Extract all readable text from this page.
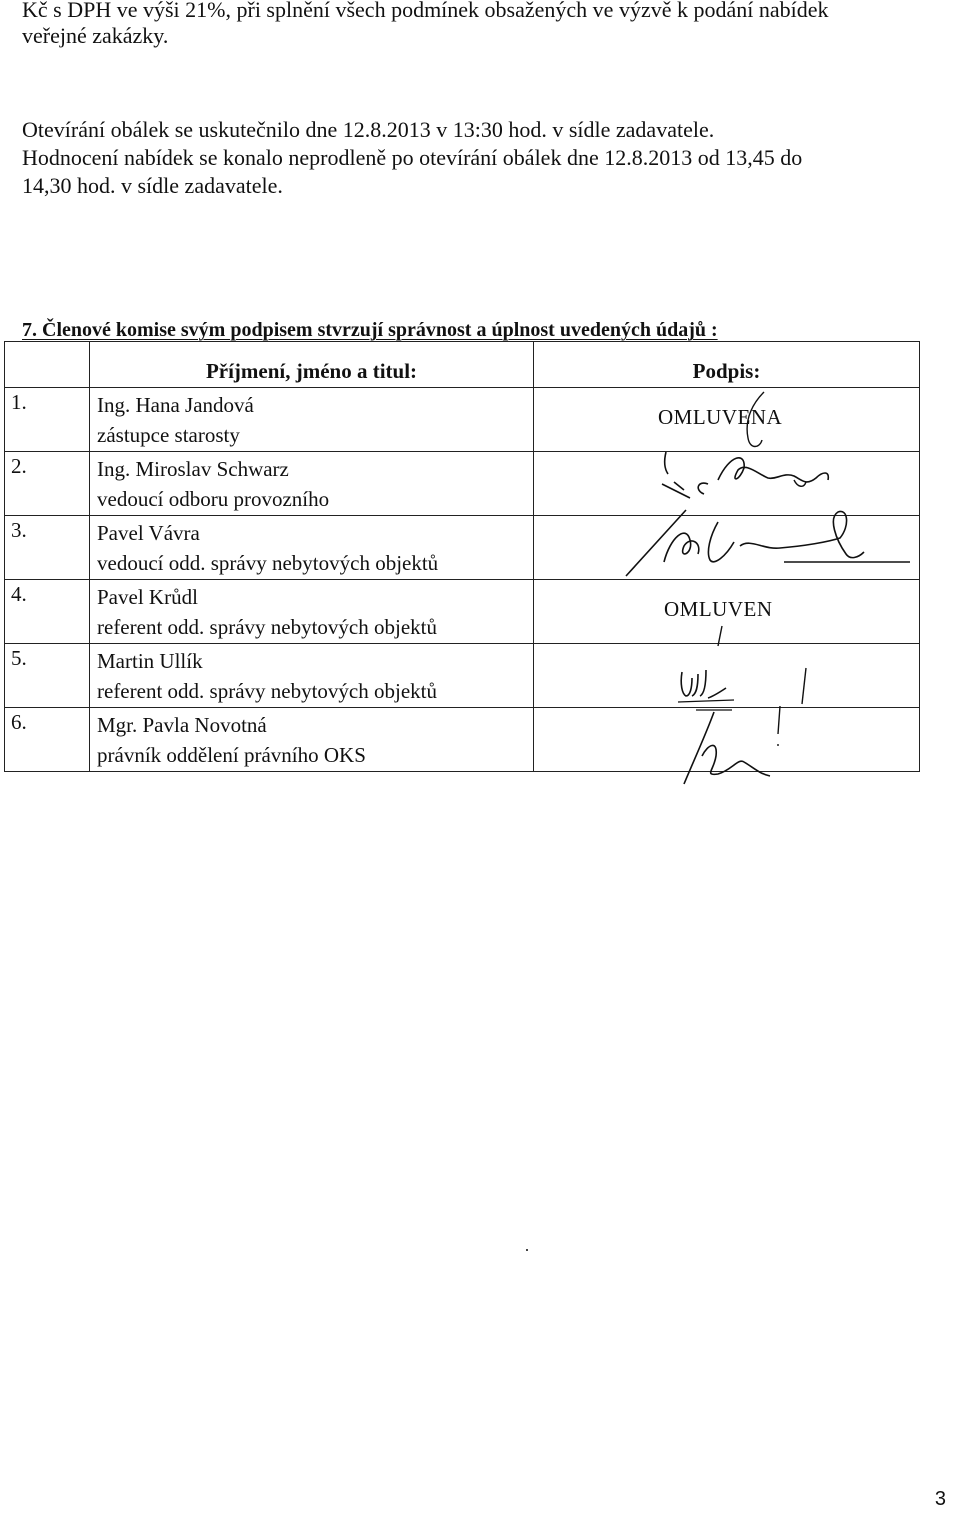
Kč s DPH ve výši 21%, při splnění všech podmínek obsažených ve výzvě k podání nabídek

veřejné zakázky.

Otevírání obálek se uskutečnilo dne 12.8.2013 v 13:30 hod. v sídle zadavatele.

Hodnocení nabídek se konalo neprodleně po otevírání obálek dne 12.8.2013 od 13,45 do

14,30 hod. v sídle zadavatele.

7. Členové komise svým podpisem stvrzují správnost a úplnost uvedených údajů :
	Příjmení, jméno a titul:	Podpis:
1.	Ing. Hana Jandová
zástupce starosty	OMLUVENA

2.	Ing. Miroslav Schwarz
vedoucí odboru provozního

3.	Pavel Vávra
vedoucí odd. správy nebytových objektů

4.	Pavel Krůdl
referent odd. správy nebytových objektů	OMLUVEN

5.	Martin Ullík
referent odd. správy nebytových objektů

6.	Mgr. Pavla Novotná
právník oddělení právního OKS

3
